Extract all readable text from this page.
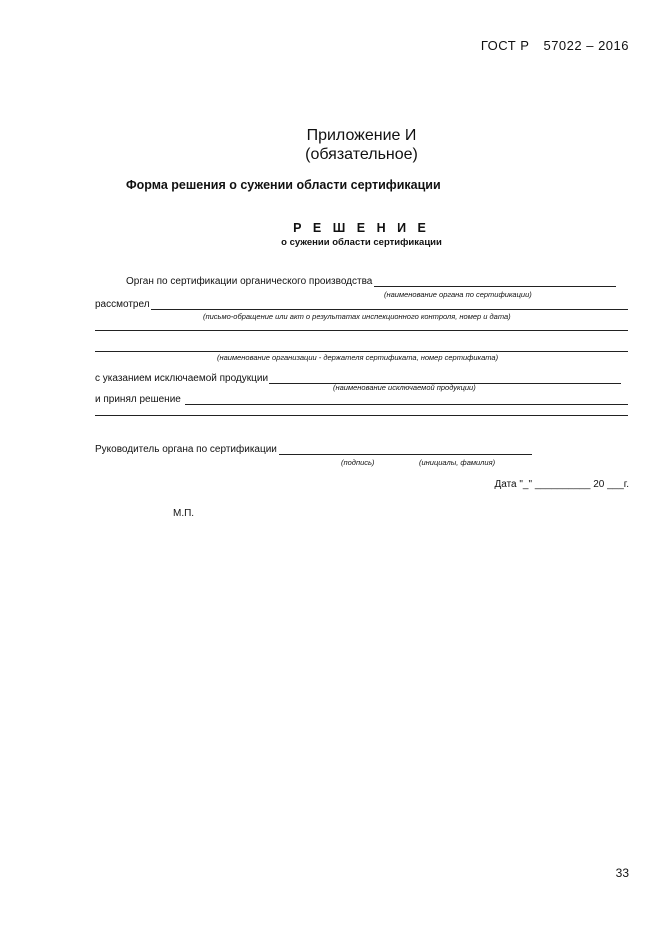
ГОСТ Р 57022 – 2016
Приложение И
(обязательное)
Форма решения о сужении области сертификации
Р Е Ш Е Н И Е
о сужении области сертификации
Орган по сертификации органического производства
(наименование органа по сертификации)
рассмотрел
(письмо-обращение или акт о результатах инспекционного контроля, номер и дата)
(наименование организации - держателя сертификата, номер сертификата)
с указанием исключаемой продукции
(наименование исключаемой продукции)
и принял решение
Руководитель органа по сертификации
(подпись)	(инициалы, фамилия)
Дата "_" __________ 20 ___г.
М.П.
33
